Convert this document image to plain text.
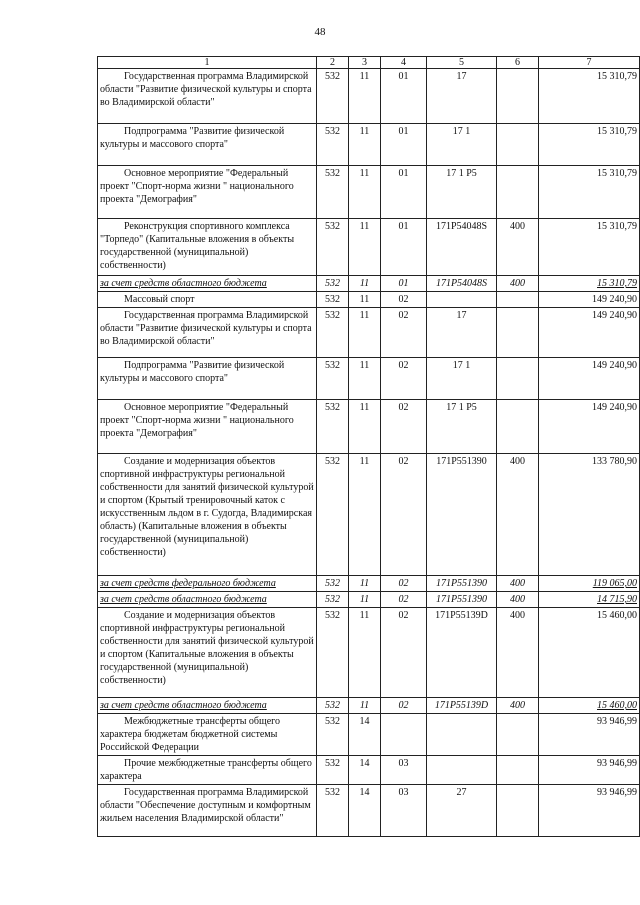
48
1	2	3	4	5	6	7
Государственная программа Владимирской области "Развитие физической культуры и спорта во Владимирской области"	532	11	01	17		15 310,79
Подпрограмма "Развитие физической культуры и массового спорта"	532	11	01	17 1		15 310,79
Основное мероприятие "Федеральный проект "Спорт-норма жизни " национального проекта "Демография"	532	11	01	17 1 P5		15 310,79
Реконструкция спортивного комплекса "Торпедо" (Капитальные вложения в объекты государственной (муниципальной) собственности)	532	11	01	171P54048S	400	15 310,79
за счет средств областного бюджета	532	11	01	171P54048S	400	15 310,79
Массовый спорт	532	11	02			149 240,90
Государственная программа Владимирской области "Развитие физической культуры и спорта во Владимирской области"	532	11	02	17		149 240,90
Подпрограмма "Развитие физической культуры и массового спорта"	532	11	02	17 1		149 240,90
Основное мероприятие "Федеральный проект "Спорт-норма жизни " национального проекта "Демография"	532	11	02	17 1 P5		149 240,90
Создание и модернизация объектов спортивной инфраструктуры региональной собственности для занятий физической культурой и спортом (Крытый тренировочный каток с искусственным льдом в г. Судогда, Владимирская область) (Капитальные вложения в объекты государственной (муниципальной) собственности)	532	11	02	171P551390	400	133 780,90
за счет средств федерального бюджета	532	11	02	171P551390	400	119 065,00
за счет средств областного бюджета	532	11	02	171P551390	400	14 715,90
Создание и модернизация объектов спортивной инфраструктуры региональной собственности для занятий физической культурой и спортом (Капитальные вложения в объекты государственной (муниципальной) собственности)	532	11	02	171P55139D	400	15 460,00
за счет средств областного бюджета	532	11	02	171P55139D	400	15 460,00
Межбюджетные трансферты общего характера бюджетам бюджетной системы Российской Федерации	532	14				93 946,99
Прочие межбюджетные трансферты общего характера	532	14	03			93 946,99
Государственная программа Владимирской области "Обеспечение доступным и комфортным жильем населения Владимирской области"	532	14	03	27		93 946,99
